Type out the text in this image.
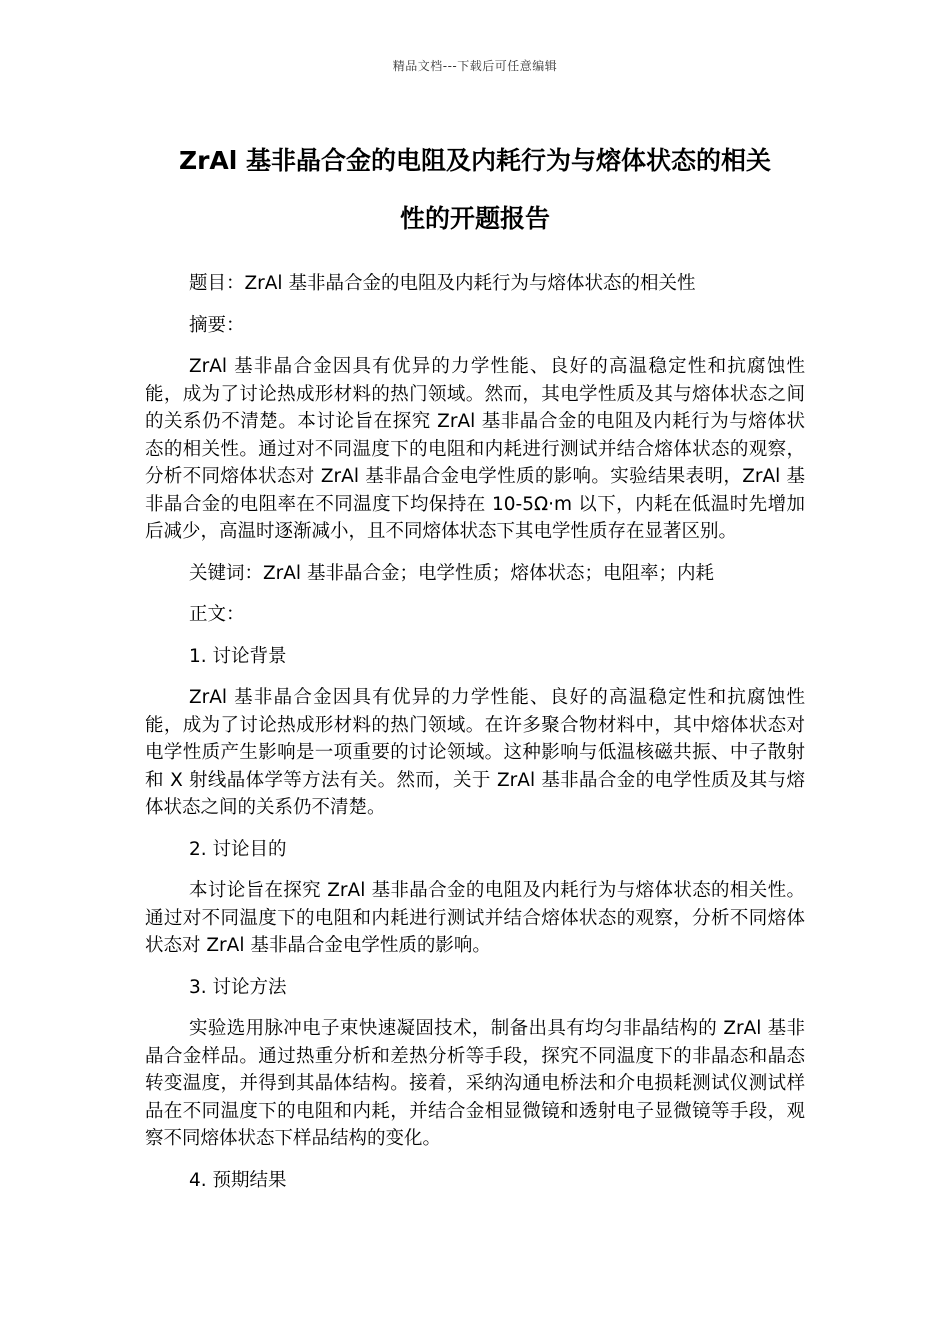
精品文档---下载后可任意编辑
ZrAl 基非晶合金的电阻及内耗行为与熔体状态的相关
性的开题报告

题目：ZrAl 基非晶合金的电阻及内耗行为与熔体状态的相关性

摘要：

ZrAl 基非晶合金因具有优异的力学性能、良好的高温稳定性和抗腐蚀性能，成为了讨论热成形材料的热门领域。然而，其电学性质及其与熔体状态之间的关系仍不清楚。本讨论旨在探究 ZrAl 基非晶合金的电阻及内耗行为与熔体状态的相关性。通过对不同温度下的电阻和内耗进行测试并结合熔体状态的观察，分析不同熔体状态对 ZrAl 基非晶合金电学性质的影响。实验结果表明，ZrAl 基非晶合金的电阻率在不同温度下均保持在 10-5Ω·m 以下，内耗在低温时先增加后减少，高温时逐渐减小，且不同熔体状态下其电学性质存在显著区别。

关键词：ZrAl 基非晶合金；电学性质；熔体状态；电阻率；内耗

正文：

1. 讨论背景

ZrAl 基非晶合金因具有优异的力学性能、良好的高温稳定性和抗腐蚀性能，成为了讨论热成形材料的热门领域。在许多聚合物材料中，其中熔体状态对电学性质产生影响是一项重要的讨论领域。这种影响与低温核磁共振、中子散射和 X 射线晶体学等方法有关。然而，关于 ZrAl 基非晶合金的电学性质及其与熔体状态之间的关系仍不清楚。

2. 讨论目的

本讨论旨在探究 ZrAl 基非晶合金的电阻及内耗行为与熔体状态的相关性。通过对不同温度下的电阻和内耗进行测试并结合熔体状态的观察，分析不同熔体状态对 ZrAl 基非晶合金电学性质的影响。

3. 讨论方法

实验选用脉冲电子束快速凝固技术，制备出具有均匀非晶结构的 ZrAl 基非晶合金样品。通过热重分析和差热分析等手段，探究不同温度下的非晶态和晶态转变温度，并得到其晶体结构。接着，采纳沟通电桥法和介电损耗测试仪测试样品在不同温度下的电阻和内耗，并结合金相显微镜和透射电子显微镜等手段，观察不同熔体状态下样品结构的变化。

4. 预期结果
